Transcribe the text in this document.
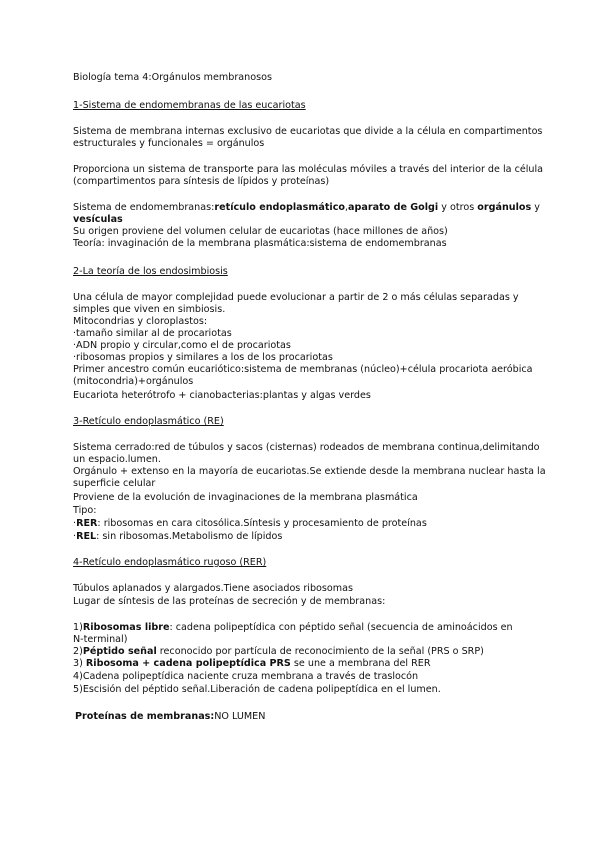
Biología tema 4:Orgánulos membranosos
1-Sistema de endomembranas de las eucariotas
Sistema de membrana internas exclusivo de eucariotas que divide a la célula en compartimentos
estructurales y funcionales = orgánulos
Proporciona un sistema de transporte para las moléculas móviles a través del interior de la célula
(compartimentos para síntesis de lípidos y proteínas)
Sistema de endomembranas:retículo endoplasmático,aparato de Golgi y otros orgánulos y
vesículas
Su origen proviene del volumen celular de eucariotas (hace millones de años)
Teoría: invaginación de la membrana plasmática:sistema de endomembranas
2-La teoría de los endosimbiosis
Una célula de mayor complejidad puede evolucionar a partir de 2 o más células separadas y
simples que viven en simbiosis.
Mitocondrias y cloroplastos:
·tamaño similar al de procariotas
·ADN propio y circular,como el de procariotas
·ribosomas propios y similares a los de los procariotas
Primer ancestro común eucariótico:sistema de membranas (núcleo)+célula procariota aeróbica
(mitocondria)+orgánulos
Eucariota heterótrofo + cianobacterias:plantas y algas verdes
3-Retículo endoplasmático (RE)
Sistema cerrado:red de túbulos y sacos (cisternas) rodeados de membrana continua,delimitando
un espacio.lumen.
Orgánulo + extenso en la mayoría de eucariotas.Se extiende desde la membrana nuclear hasta la
superficie celular
Proviene de la evolución de invaginaciones de la membrana plasmática
Tipo:
·RER: ribosomas en cara citosólica.Síntesis y procesamiento de proteínas
·REL: sin ribosomas.Metabolismo de lípidos
4-Retículo endoplasmático rugoso (RER)
Túbulos aplanados y alargados.Tiene asociados ribosomas
Lugar de síntesis de las proteínas de secreción y de membranas:
1)Ribosomas libre: cadena polipeptídica con péptido señal (secuencia de aminoácidos en
N-terminal)
2)Péptido señal reconocido por partícula de reconocimiento de la señal (PRS o SRP)
3) Ribosoma + cadena polipeptídica PRS se une a membrana del RER
4)Cadena polipeptídica naciente cruza membrana a través de traslocón
5)Escisión del péptido señal.Liberación de cadena polipeptídica en el lumen.
Proteínas de membranas:NO LUMEN
